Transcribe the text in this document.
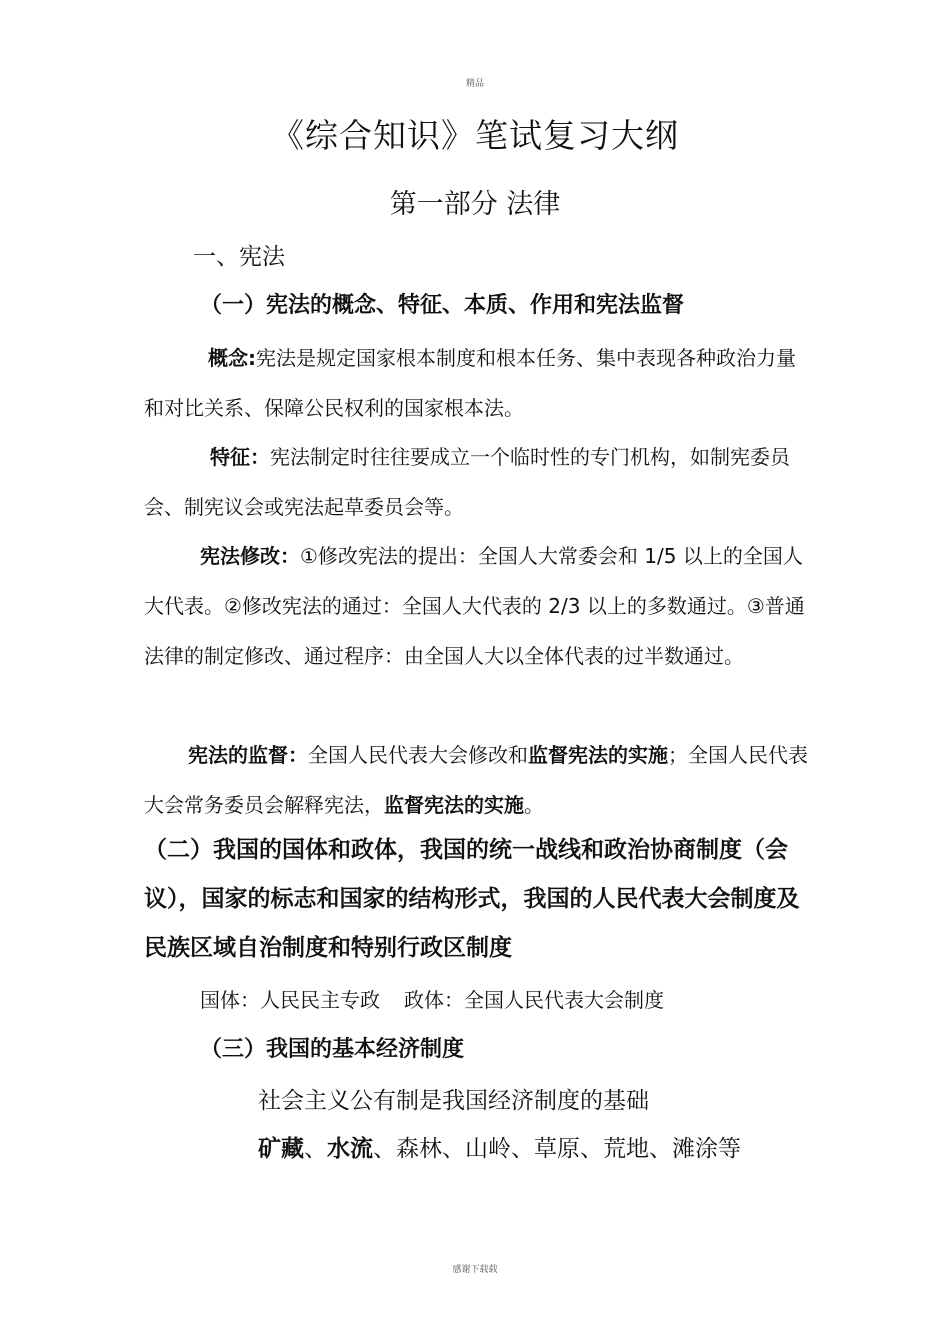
精品
《综合知识》笔试复习大纲
第一部分 法律
一、宪法
（一）宪法的概念、特征、本质、作用和宪法监督
概念:宪法是规定国家根本制度和根本任务、集中表现各种政治力量和对比关系、保障公民权利的国家根本法。
特征：宪法制定时往往要成立一个临时性的专门机构，如制宪委员会、制宪议会或宪法起草委员会等。
宪法修改：①修改宪法的提出：全国人大常委会和 1/5 以上的全国人大代表。②修改宪法的通过：全国人大代表的 2/3 以上的多数通过。③普通法律的制定修改、通过程序：由全国人大以全体代表的过半数通过。
宪法的监督：全国人民代表大会修改和监督宪法的实施；全国人民代表大会常务委员会解释宪法，监督宪法的实施。
（二）我国的国体和政体，我国的统一战线和政治协商制度（会议），国家的标志和国家的结构形式，我国的人民代表大会制度及民族区域自治制度和特别行政区制度
国体：人民民主专政 政体：全国人民代表大会制度
（三）我国的基本经济制度
社会主义公有制是我国经济制度的基础
矿藏、水流、森林、山岭、草原、荒地、滩涂等
感谢下载载
